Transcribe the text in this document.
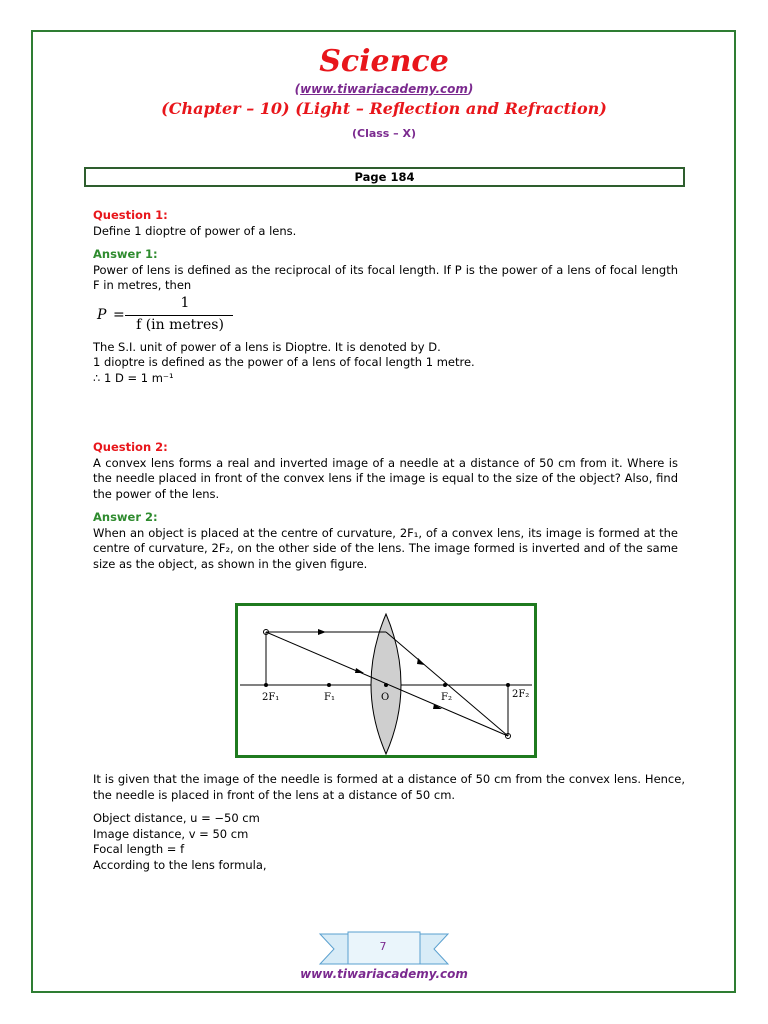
Science
(www.tiwariacademy.com)
(Chapter – 10) (Light – Reflection and Refraction)
(Class – X)
Page 184

Question 1:

Define 1 dioptre of power of a lens.

Answer 1:

Power of lens is defined as the reciprocal of its focal length. If P is the power of a lens of focal length F in metres, then

P =
1
f (in metres)

The S.I. unit of power of a lens is Dioptre. It is denoted by D.

1 dioptre is defined as the power of a lens of focal length 1 metre.

∴ 1 D = 1 m⁻¹

Question 2:

A convex lens forms a real and inverted image of a needle at a distance of 50 cm from it. Where is the needle placed in front of the convex lens if the image is equal to the size of the object? Also, find the power of the lens.

Answer 2:

When an object is placed at the centre of curvature, 2F₁, of a convex lens, its image is formed at the centre of curvature, 2F₂, on the other side of the lens. The image formed is inverted and of the same size as the object, as shown in the given figure.

2F₁	F₁	O	F₂	2F₂

It is given that the image of the needle is formed at a distance of 50 cm from the convex lens. Hence, the needle is placed in front of the lens at a distance of 50 cm.

Object distance, u = −50 cm

Image distance, v = 50 cm

Focal length = f

According to the lens formula,

7
www.tiwariacademy.com
